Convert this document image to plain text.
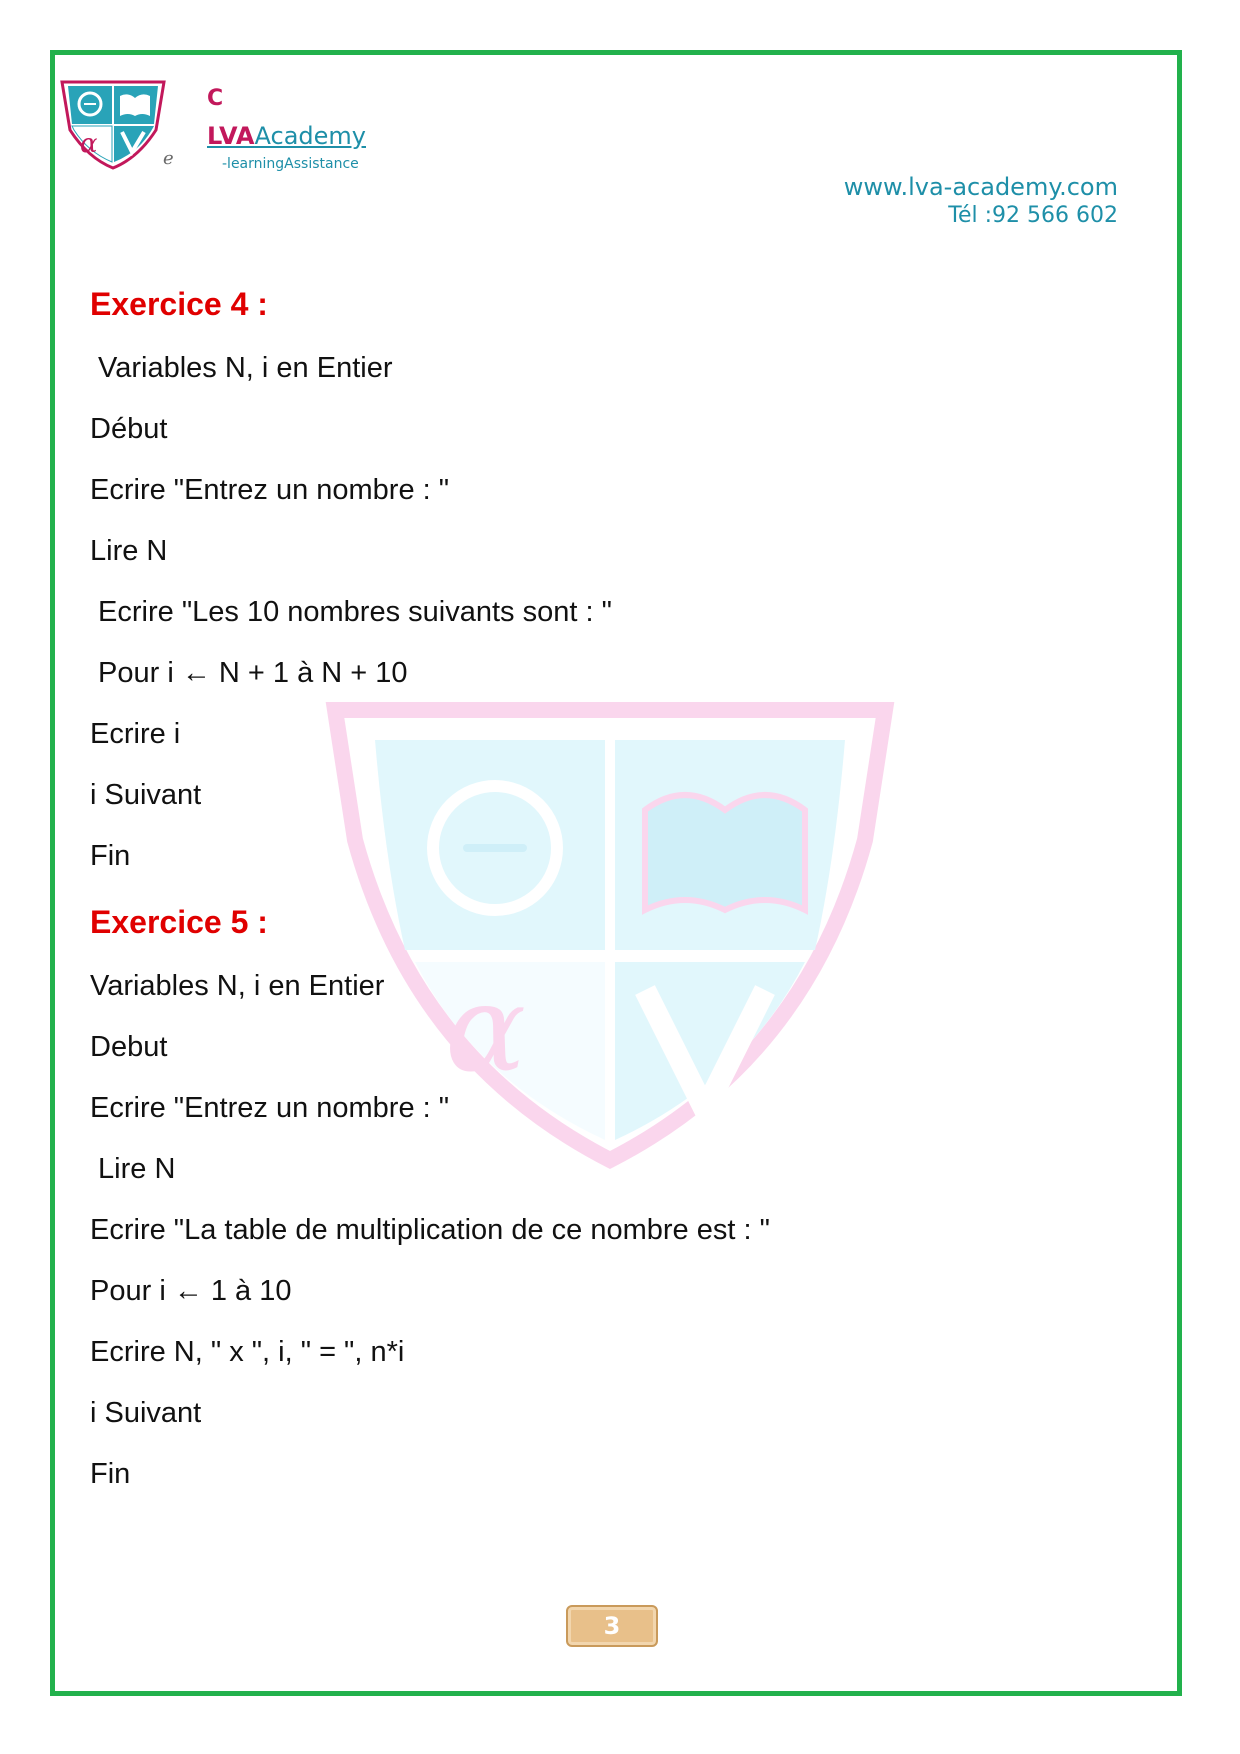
α	e
C
LVAAcademy
-learningAssistance
www.lva-academy.com
Tél :92 566 602
α
Exercice 4 :
Variables N, i en Entier
Début
Ecrire "Entrez un nombre : "
Lire N
Ecrire "Les 10 nombres suivants sont : "
Pour i ← N + 1 à N + 10
Ecrire i
i Suivant
Fin
Exercice 5 :
Variables N, i en Entier
Debut
Ecrire "Entrez un nombre : "
Lire N
Ecrire "La table de multiplication de ce nombre est : "
Pour i ← 1 à 10
Ecrire N, " x ", i, " = ", n*i
i Suivant
Fin
3
